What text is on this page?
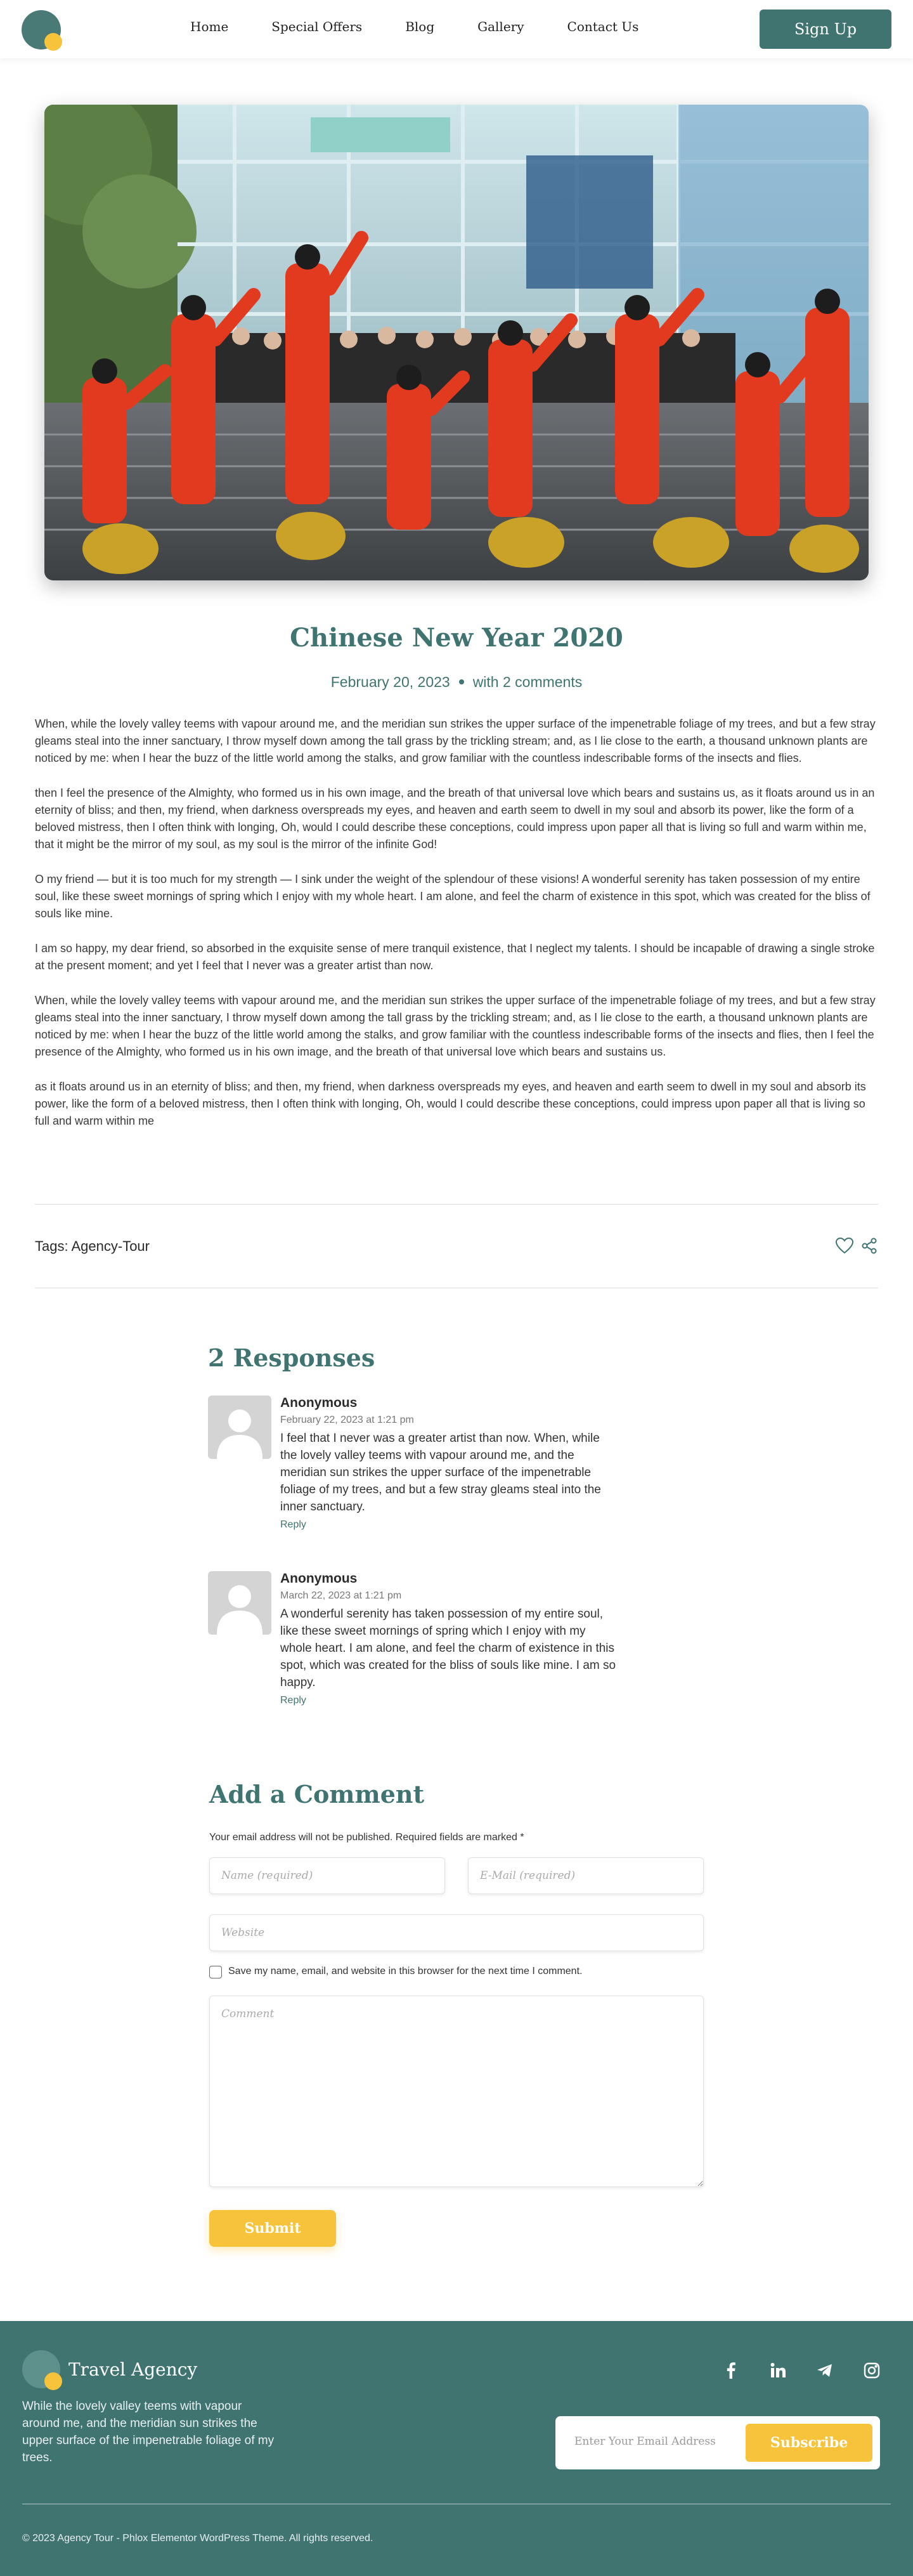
Home	Special Offers	Blog	Gallery	Contact Us	Sign Up
Chinese New Year 2020
February 20, 2023 with 2 comments

When, while the lovely valley teems with vapour around me, and the meridian sun strikes the upper surface of the impenetrable foliage of my trees, and but a few stray gleams steal into the inner sanctuary, I throw myself down among the tall grass by the trickling stream; and, as I lie close to the earth, a thousand unknown plants are noticed by me: when I hear the buzz of the little world among the stalks, and grow familiar with the countless indescribable forms of the insects and flies.

then I feel the presence of the Almighty, who formed us in his own image, and the breath of that universal love which bears and sustains us, as it floats around us in an eternity of bliss; and then, my friend, when darkness overspreads my eyes, and heaven and earth seem to dwell in my soul and absorb its power, like the form of a beloved mistress, then I often think with longing, Oh, would I could describe these conceptions, could impress upon paper all that is living so full and warm within me, that it might be the mirror of my soul, as my soul is the mirror of the infinite God!

O my friend — but it is too much for my strength — I sink under the weight of the splendour of these visions! A wonderful serenity has taken possession of my entire soul, like these sweet mornings of spring which I enjoy with my whole heart. I am alone, and feel the charm of existence in this spot, which was created for the bliss of souls like mine.

I am so happy, my dear friend, so absorbed in the exquisite sense of mere tranquil existence, that I neglect my talents. I should be incapable of drawing a single stroke at the present moment; and yet I feel that I never was a greater artist than now.

When, while the lovely valley teems with vapour around me, and the meridian sun strikes the upper surface of the impenetrable foliage of my trees, and but a few stray gleams steal into the inner sanctuary, I throw myself down among the tall grass by the trickling stream; and, as I lie close to the earth, a thousand unknown plants are noticed by me: when I hear the buzz of the little world among the stalks, and grow familiar with the countless indescribable forms of the insects and flies, then I feel the presence of the Almighty, who formed us in his own image, and the breath of that universal love which bears and sustains us.

as it floats around us in an eternity of bliss; and then, my friend, when darkness overspreads my eyes, and heaven and earth seem to dwell in my soul and absorb its power, like the form of a beloved mistress, then I often think with longing, Oh, would I could describe these conceptions, could impress upon paper all that is living so full and warm within me

Tags: Agency-Tour
2 Responses
Anonymous
February 22, 2023 at 1:21 pm
I feel that I never was a greater artist than now. When, while the lovely valley teems with vapour around me, and the meridian sun strikes the upper surface of the impenetrable foliage of my trees, and but a few stray gleams steal into the inner sanctuary.
Reply
Anonymous
March 22, 2023 at 1:21 pm
A wonderful serenity has taken possession of my entire soul, like these sweet mornings of spring which I enjoy with my whole heart. I am alone, and feel the charm of existence in this spot, which was created for the bliss of souls like mine. I am so happy.
Reply
Add a Comment
Your email address will not be published. Required fields are marked *
Name (required)
E-Mail (required)
Website
Save my name, email, and website in this browser for the next time I comment.
Comment
Submit
Travel Agency
While the lovely valley teems with vapour around me, and the meridian sun strikes the upper surface of the impenetrable foliage of my trees.
Enter Your Email Address	Subscribe
© 2023 Agency Tour - Phlox Elementor WordPress Theme. All rights reserved.
